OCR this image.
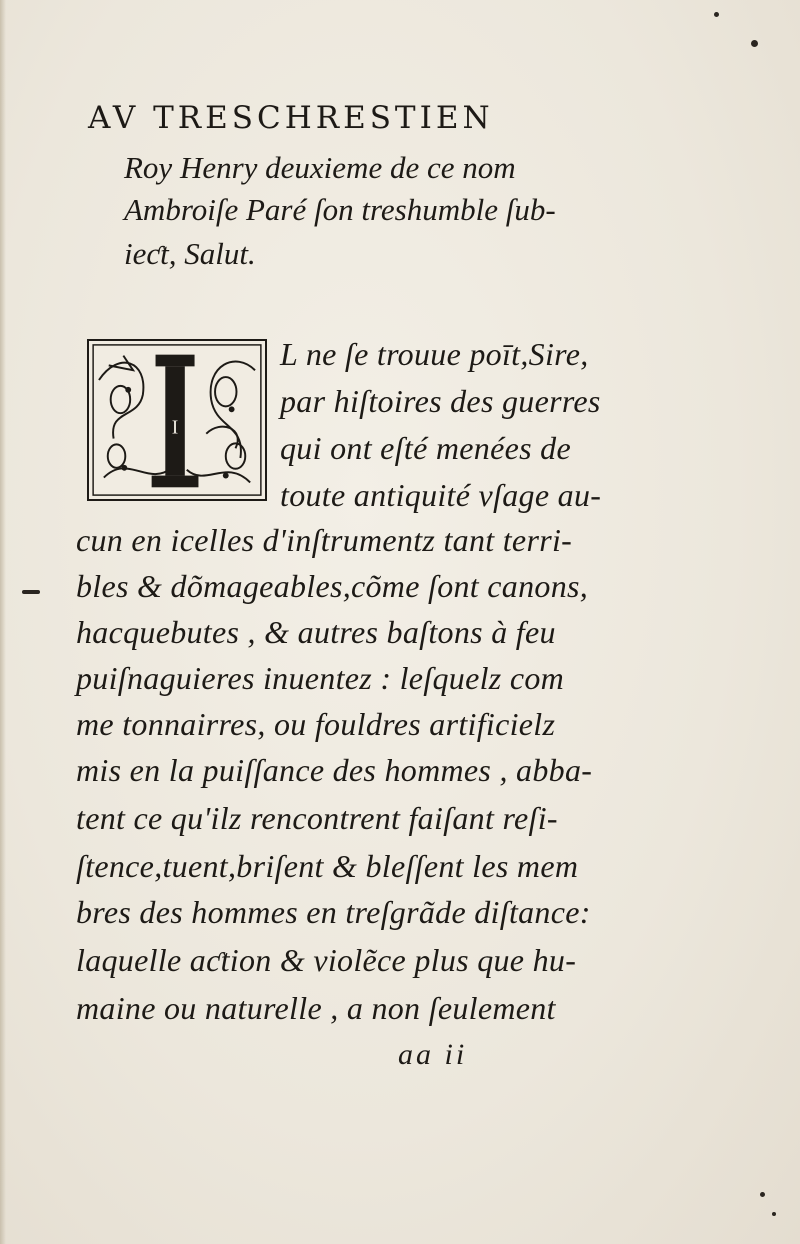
AV TRESCHRESTIEN
Roy Henry deuxieme de ce nom
Ambroiſe Paré ſon treshumble ſub-
ieƈt, Salut.
I
L ne ſe trouue poīt,Sire,
par hiſtoires des guerres
qui ont eſté menées de
toute antiquité vſage au-
cun en icelles d'inſtrumentz tant terri-
bles & dõmageables,cõme ſont canons,
hacquebutes , & autres baſtons à feu
puiſnaguieres inuentez : leſquelz com
me tonnairres, ou fouldres artificielz
mis en la puiſſance des hommes , abba-
tent ce qu'ilz rencontrent faiſant reſi-
ſtence,tuent,briſent & bleſſent les mem
bres des hommes en treſgrãde diſtance:
laquelle aƈtion & violẽce plus que hu-
maine ou naturelle , a non ſeulement
aa ii
